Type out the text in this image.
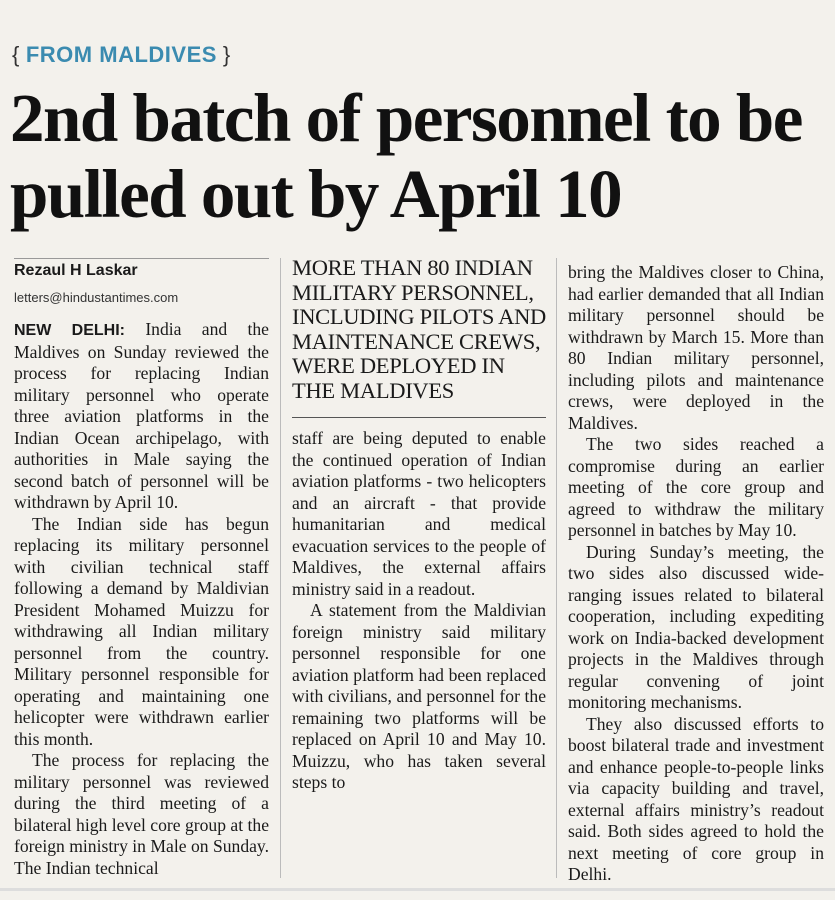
{ FROM MALDIVES }
2nd batch of personnel to be pulled out by April 10
Rezaul H Laskar
letters@hindustantimes.com

NEW DELHI: India and the Maldives on Sunday reviewed the process for replacing Indian military personnel who operate three aviation platforms in the Indian Ocean archipelago, with authorities in Male saying the second batch of personnel will be withdrawn by April 10.

The Indian side has begun replacing its military personnel with civilian technical staff following a demand by Maldivian President Mohamed Muizzu for withdrawing all Indian military personnel from the country. Military personnel responsible for operating and maintaining one helicopter were withdrawn earlier this month.

The process for replacing the military personnel was reviewed during the third meeting of a bilateral high level core group at the foreign ministry in Male on Sunday. The Indian technical

MORE THAN 80 INDIAN MILITARY PERSONNEL, INCLUDING PILOTS AND MAINTENANCE CREWS, WERE DEPLOYED IN THE MALDIVES

staff are being deputed to enable the continued operation of Indian aviation platforms - two helicopters and an aircraft - that provide humanitarian and medical evacuation services to the people of Maldives, the external affairs ministry said in a readout.

A statement from the Maldivian foreign ministry said military personnel responsible for one aviation platform had been replaced with civilians, and personnel for the remaining two platforms will be replaced on April 10 and May 10. Muizzu, who has taken several steps to

bring the Maldives closer to China, had earlier demanded that all Indian military personnel should be withdrawn by March 15. More than 80 Indian military personnel, including pilots and maintenance crews, were deployed in the Maldives.

The two sides reached a compromise during an earlier meeting of the core group and agreed to withdraw the military personnel in batches by May 10.

During Sunday’s meeting, the two sides also discussed wide-ranging issues related to bilateral cooperation, including expediting work on India-backed development projects in the Maldives through regular convening of joint monitoring mechanisms.

They also discussed efforts to boost bilateral trade and investment and enhance people-to-people links via capacity building and travel, external affairs ministry’s readout said. Both sides agreed to hold the next meeting of core group in Delhi.
